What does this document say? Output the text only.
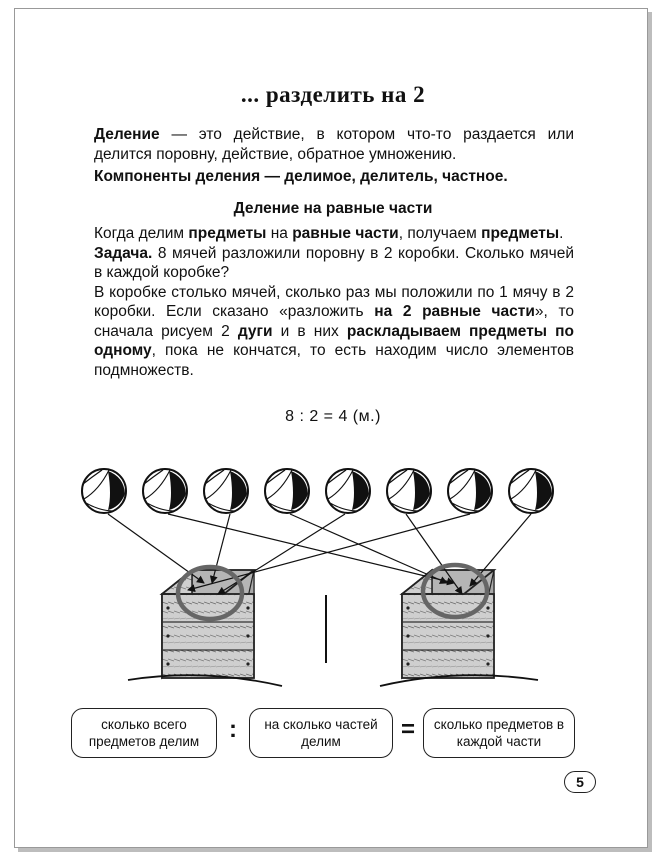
... разделить на 2
Деление — это действие, в котором что-то раздается или делится поровну, действие, обратное умножению.
Компоненты деления — делимое, делитель, частное.
Деление на равные части
Когда делим предметы на равные части, получаем предметы.
Задача. 8 мячей разложили поровну в 2 коробки. Сколько мячей в каждой коробке?
В коробке столько мячей, сколько раз мы положили по 1 мячу в 2 коробки. Если сказано «разложить на 2 равные части», то сначала рисуем 2 дуги и в них раскладываем предметы по одному, пока не кончатся, то есть находим число элементов подмножеств.
8 : 2 = 4 (м.)
сколько всего предметов делим	:	на сколько частей делим	=	сколько предметов в каждой части
5
